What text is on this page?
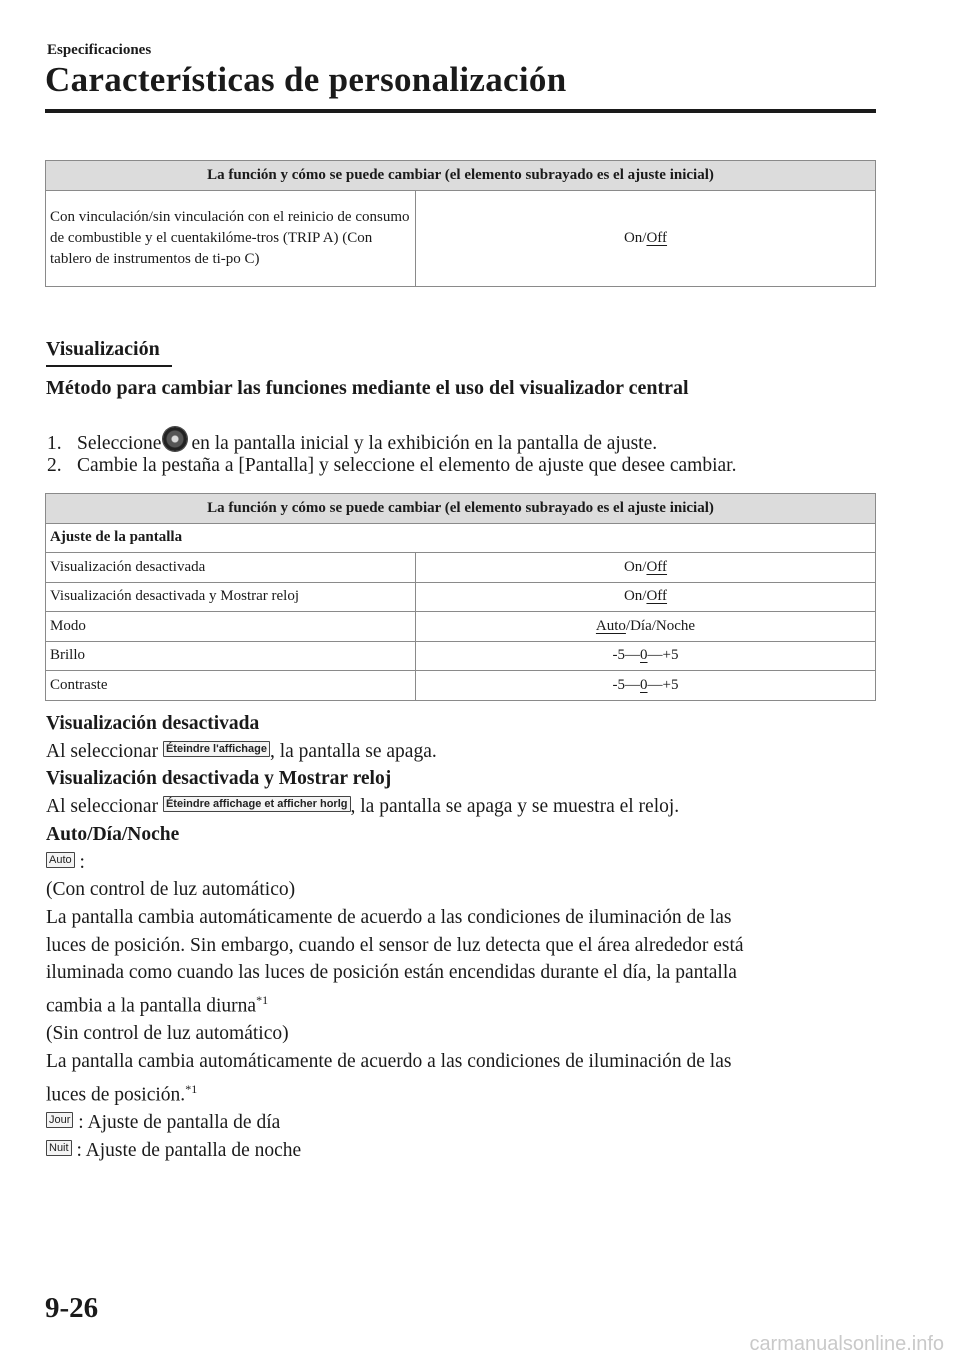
Especificaciones
Características de personalización
La función y cómo se puede cambiar (el elemento subrayado es el ajuste inicial)
Con vinculación/sin vinculación con el reinicio de consumo de combustible y el cuentakilóme-tros (TRIP A) (Con tablero de instrumentos de ti-po C)	On/Off
Visualización
Método para cambiar las funciones mediante el uso del visualizador central
1. Seleccione en la pantalla inicial y la exhibición en la pantalla de ajuste.
2. Cambie la pestaña a [Pantalla] y seleccione el elemento de ajuste que desee cambiar.
La función y cómo se puede cambiar (el elemento subrayado es el ajuste inicial)	
Ajuste de la pantalla	
Visualización desactivada	On/Off
Visualización desactivada y Mostrar reloj	On/Off
Modo	Auto/Día/Noche
Brillo	-5—0—+5
Contraste	-5—0—+5
Visualización desactivada
Al seleccionar Éteindre l'affichage , la pantalla se apaga.
Visualización desactivada y Mostrar reloj
Al seleccionar Éteindre affichage et afficher horlg , la pantalla se apaga y se muestra el reloj.
Auto/Día/Noche
Auto :
(Con control de luz automático)
La pantalla cambia automáticamente de acuerdo a las condiciones de iluminación de las
luces de posición. Sin embargo, cuando el sensor de luz detecta que el área alrededor está
iluminada como cuando las luces de posición están encendidas durante el día, la pantalla
cambia a la pantalla diurna$^{*1}$
(Sin control de luz automático)
La pantalla cambia automáticamente de acuerdo a las condiciones de iluminación de las
luces de posición.$^{*1}$
Jour : Ajuste de pantalla de día
Nuit : Ajuste de pantalla de noche
9-26
carmanualsonline.info
